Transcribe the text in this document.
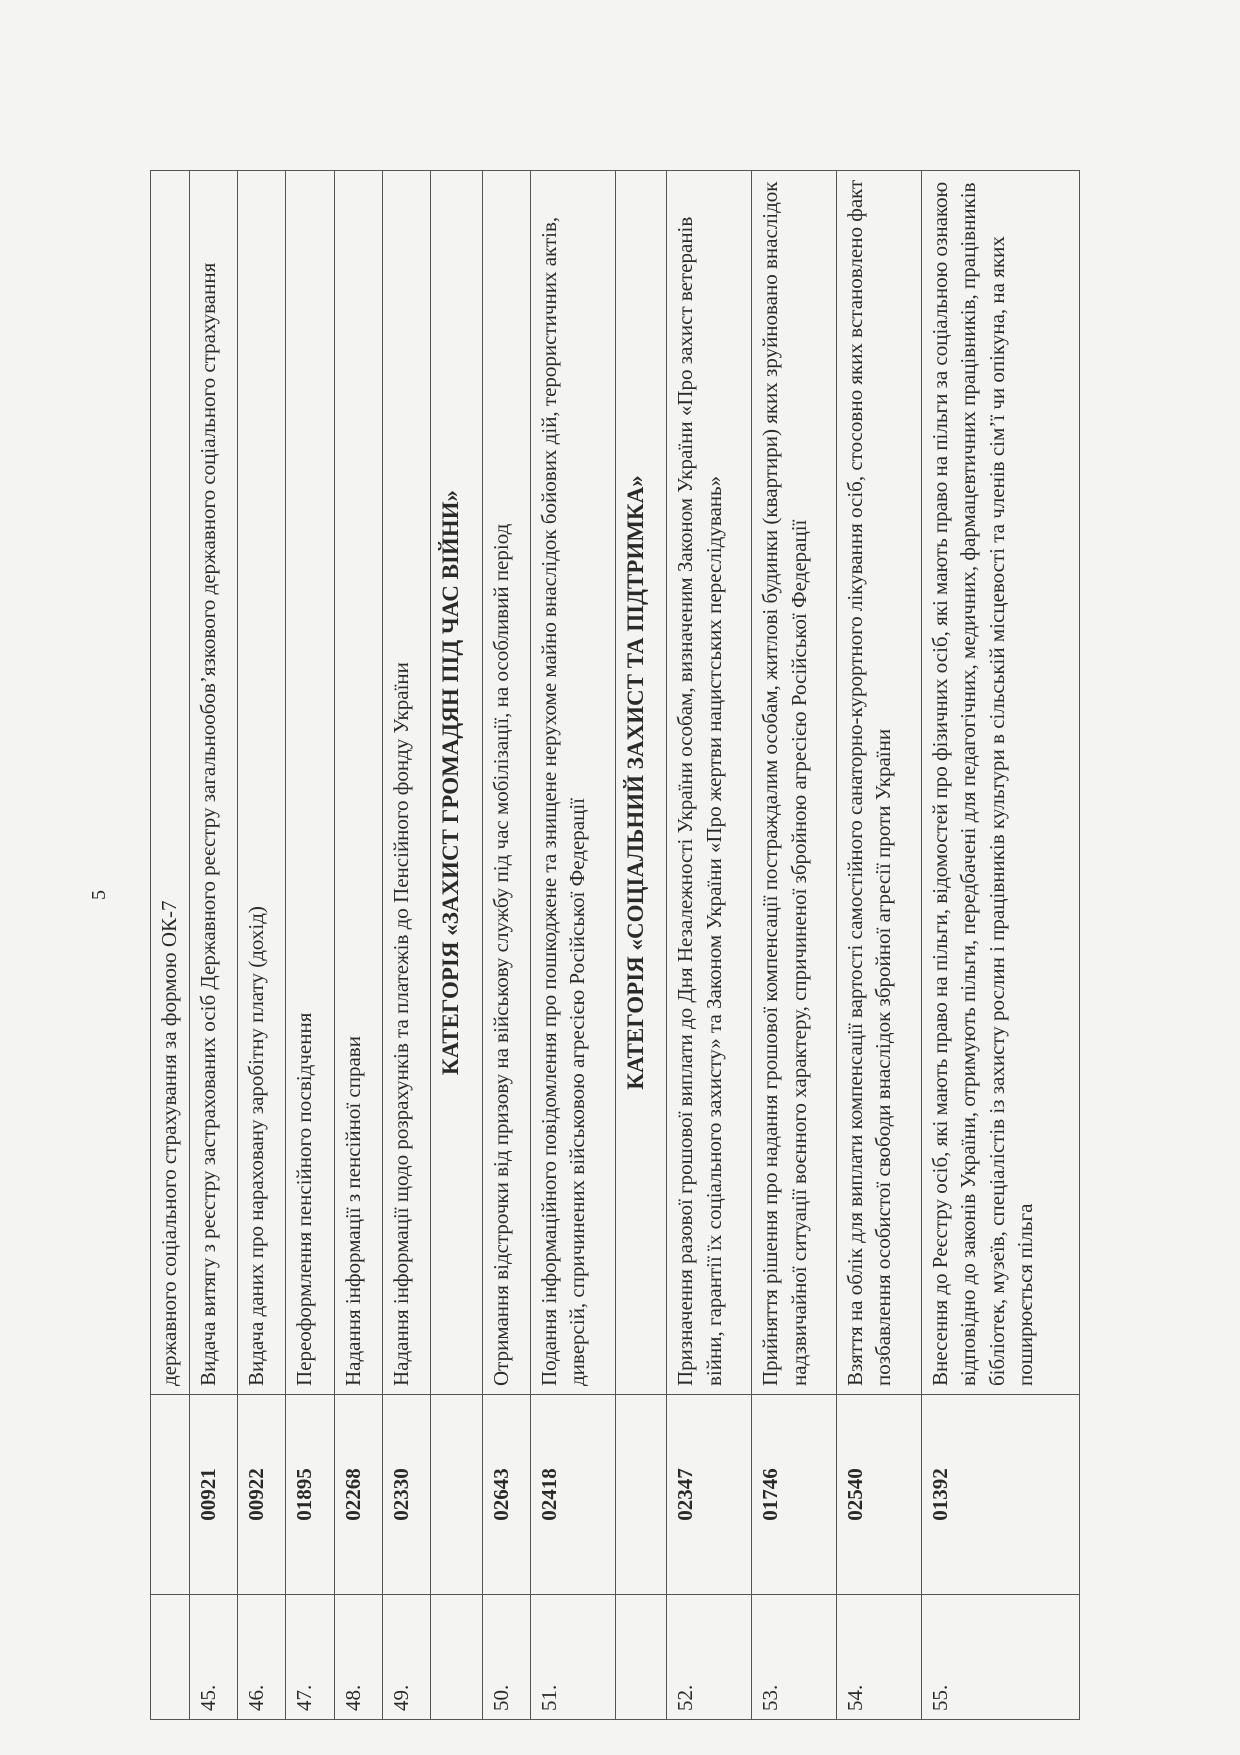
5
		державного соціального страхування за формою ОК-7
45.	00921	Видача витягу з реєстру застрахованих осіб Державного реєстру загальнообов’язкового державного соціального страхування
46.	00922	Видача даних про нараховану заробітну плату (дохід)
47.	01895	Переоформлення пенсійного посвідчення
48.	02268	Надання інформації з пенсійної справи
49.	02330	Надання інформації щодо розрахунків та платежів до Пенсійного фонду України
		КАТЕГОРІЯ «ЗАХИСТ ГРОМАДЯН ПІД ЧАС ВІЙНИ»
50.	02643	Отримання відстрочки від призову на військову службу під час мобілізації, на особливий період
51.	02418	Подання інформаційного повідомлення про пошкоджене та знищене нерухоме майно внаслідок бойових дій, терористичних актів, диверсій, спричинених військовою агресією Російської Федерації
		КАТЕГОРІЯ «СОЦІАЛЬНИЙ ЗАХИСТ ТА ПІДТРИМКА»
52.	02347	Призначення разової грошової виплати до Дня Незалежності України особам, визначеним Законом України «Про захист ветеранів війни, гарантії їх соціального захисту» та Законом України «Про жертви нацистських переслідувань»
53.	01746	Прийняття рішення про надання грошової компенсації постраждалим особам, житлові будинки (квартири) яких зруйновано внаслідок надзвичайної ситуації воєнного характеру, спричиненої збройною агресією Російської Федерації
54.	02540	Взяття на облік для виплати компенсації вартості самостійного санаторно-курортного лікування осіб, стосовно яких встановлено факт позбавлення особистої свободи внаслідок збройної агресії проти України
55.	01392	Внесення до Реєстру осіб, які мають право на пільги, відомостей про фізичних осіб, які мають право на пільги за соціальною ознакою відповідно до законів України, отримують пільги, передбачені для педагогічних, медичних, фармацевтичних працівників, працівників бібліотек, музеїв, спеціалістів із захисту рослин і працівників культури в сільській місцевості та членів сім’ї чи опікуна, на яких поширюється пільга
